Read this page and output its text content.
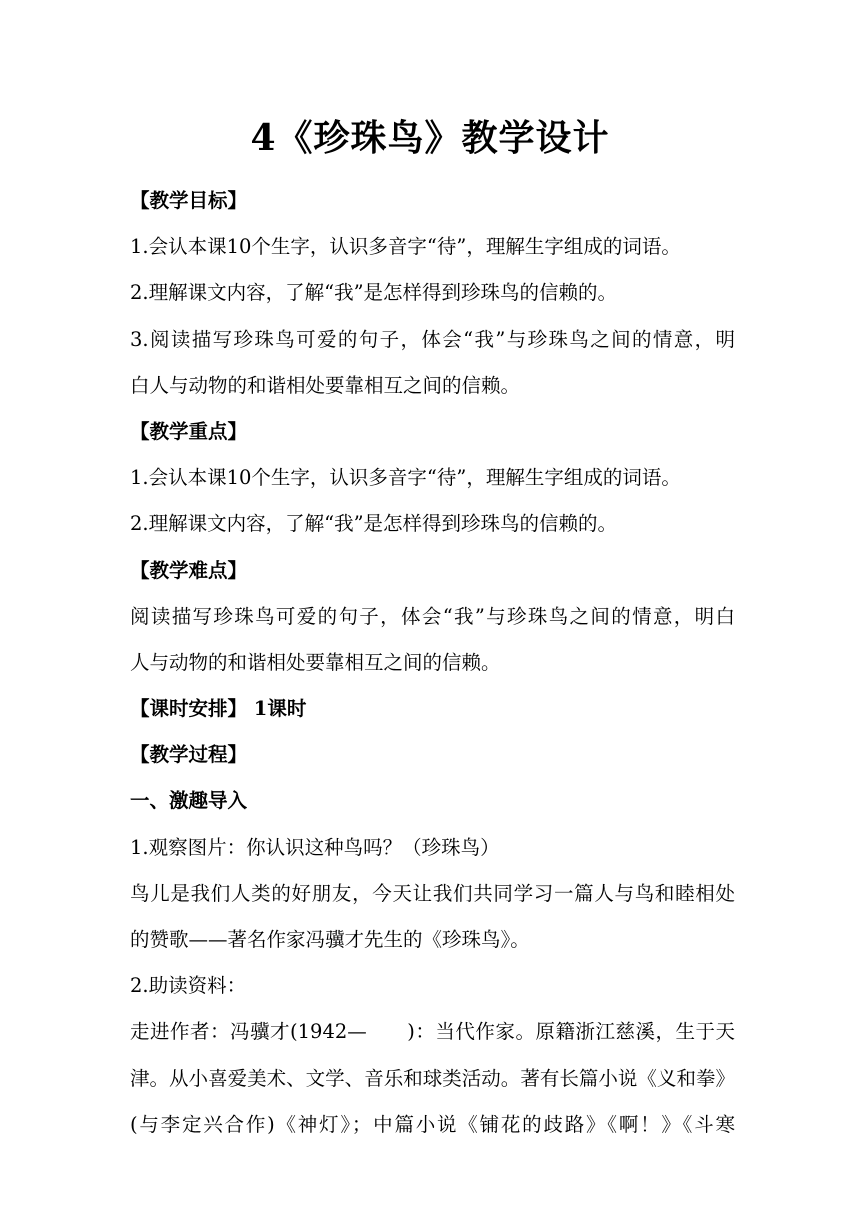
4《珍珠鸟》教学设计
【教学目标】
1.会认本课10个生字，认识多音字“待”，理解生字组成的词语。
2.理解课文内容，了解“我”是怎样得到珍珠鸟的信赖的。
3.阅读描写珍珠鸟可爱的句子，体会“我”与珍珠鸟之间的情意，明
白人与动物的和谐相处要靠相互之间的信赖。
【教学重点】
1.会认本课10个生字，认识多音字“待”，理解生字组成的词语。
2.理解课文内容，了解“我”是怎样得到珍珠鸟的信赖的。
【教学难点】
阅读描写珍珠鸟可爱的句子，体会“我”与珍珠鸟之间的情意，明白
人与动物的和谐相处要靠相互之间的信赖。
【课时安排】 1课时
【教学过程】
一、激趣导入
1.观察图片：你认识这种鸟吗？（珍珠鸟）
鸟儿是我们人类的好朋友，今天让我们共同学习一篇人与鸟和睦相处
的赞歌——著名作家冯骥才先生的《珍珠鸟》。
2.助读资料：
走进作者：冯骥才(1942—　　)：当代作家。原籍浙江慈溪，生于天
津。从小喜爱美术、文学、音乐和球类活动。著有长篇小说《义和拳》
(与李定兴合作)《神灯》；中篇小说《铺花的歧路》《啊！》《斗寒
